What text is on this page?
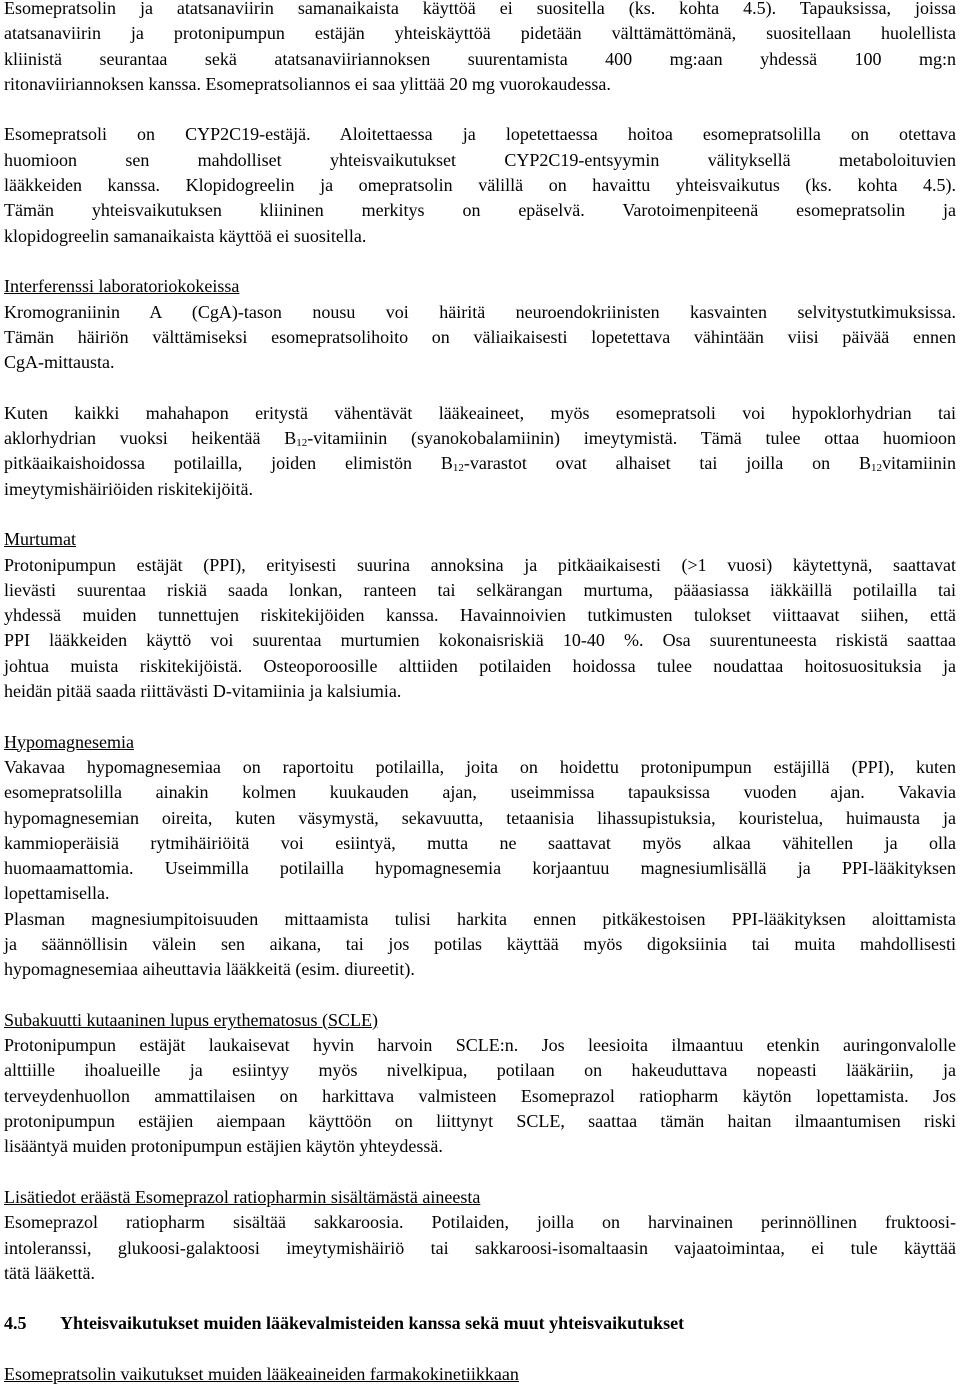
Esomepratsolin ja atatsanaviirin samanaikaista käyttöä ei suositella (ks. kohta 4.5). Tapauksissa, joissa
atatsanaviirin ja protonipumpun estäjän yhteiskäyttöä pidetään välttämättömänä, suositellaan huolellista
kliinistä seurantaa sekä atatsanaviiriannoksen suurentamista 400 mg:aan yhdessä 100 mg:n
ritonaviiriannoksen kanssa. Esomepratsoliannos ei saa ylittää 20 mg vuorokaudessa.
Esomepratsoli on CYP2C19-estäjä. Aloitettaessa ja lopetettaessa hoitoa esomepratsolilla on otettava
huomioon sen mahdolliset yhteisvaikutukset CYP2C19-entsyymin välityksellä metaboloituvien
lääkkeiden kanssa. Klopidogreelin ja omepratsolin välillä on havaittu yhteisvaikutus (ks. kohta 4.5).
Tämän yhteisvaikutuksen kliininen merkitys on epäselvä. Varotoimenpiteenä esomepratsolin ja
klopidogreelin samanaikaista käyttöä ei suositella.
Interferenssi laboratoriokokeissa
Kromograniinin A (CgA)-tason nousu voi häiritä neuroendokriinisten kasvainten selvitystutkimuksissa.
Tämän häiriön välttämiseksi esomepratsolihoito on väliaikaisesti lopetettava vähintään viisi päivää ennen
CgA-mittausta.
Kuten kaikki mahahapon eritystä vähentävät lääkeaineet, myös esomepratsoli voi hypoklorhydrian tai
aklorhydrian vuoksi heikentää $B_{12}$-vitamiinin (syanokobalamiinin) imeytymistä. Tämä tulee ottaa huomioon
pitkäaikaishoidossa potilailla, joiden elimistön $B_{12}$-varastot ovat alhaiset tai joilla on $B_{12}vitamiinin$
imeytymishäiriöiden riskitekijöitä.
Murtumat
Protonipumpun estäjät (PPI), erityisesti suurina annoksina ja pitkäaikaisesti (>1 vuosi) käytettynä, saattavat
lievästi suurentaa riskiä saada lonkan, ranteen tai selkärangan murtuma, pääasiassa iäkkäillä potilailla tai
yhdessä muiden tunnettujen riskitekijöiden kanssa. Havainnoivien tutkimusten tulokset viittaavat siihen, että
PPI lääkkeiden käyttö voi suurentaa murtumien kokonaisriskiä 10-40 %. Osa suurentuneesta riskistä saattaa
johtua muista riskitekijöistä. Osteoporoosille alttiiden potilaiden hoidossa tulee noudattaa hoitosuosituksia ja
heidän pitää saada riittävästi D-vitamiinia ja kalsiumia.
Hypomagnesemia
Vakavaa hypomagnesemiaa on raportoitu potilailla, joita on hoidettu protonipumpun estäjillä (PPI), kuten
esomepratsolilla ainakin kolmen kuukauden ajan, useimmissa tapauksissa vuoden ajan. Vakavia
hypomagnesemian oireita, kuten väsymystä, sekavuutta, tetaanisia lihassupistuksia, kouristelua, huimausta ja
kammioperäisiä rytmihäiriöitä voi esiintyä, mutta ne saattavat myös alkaa vähitellen ja olla
huomaamattomia. Useimmilla potilailla hypomagnesemia korjaantuu magnesiumlisällä ja PPI-lääkityksen
lopettamisella.
Plasman magnesiumpitoisuuden mittaamista tulisi harkita ennen pitkäkestoisen PPI-lääkityksen aloittamista
ja säännöllisin välein sen aikana, tai jos potilas käyttää myös digoksiinia tai muita mahdollisesti
hypomagnesemiaa aiheuttavia lääkkeitä (esim. diureetit).
Subakuutti kutaaninen lupus erythematosus (SCLE)
Protonipumpun estäjät laukaisevat hyvin harvoin SCLE:n. Jos leesioita ilmaantuu etenkin auringonvalolle
alttiille ihoalueille ja esiintyy myös nivelkipua, potilaan on hakeuduttava nopeasti lääkäriin, ja
terveydenhuollon ammattilaisen on harkittava valmisteen Esomeprazol ratiopharm käytön lopettamista. Jos
protonipumpun estäjien aiempaan käyttöön on liittynyt SCLE, saattaa tämän haitan ilmaantumisen riski
lisääntyä muiden protonipumpun estäjien käytön yhteydessä.
Lisätiedot eräästä Esomeprazol ratiopharmin sisältämästä aineesta
Esomeprazol ratiopharm sisältää sakkaroosia. Potilaiden, joilla on harvinainen perinnöllinen fruktoosi-
intoleranssi, glukoosi-galaktoosi imeytymishäiriö tai sakkaroosi-isomaltaasin vajaatoimintaa, ei tule käyttää
tätä lääkettä.
4.5 Yhteisvaikutukset muiden lääkevalmisteiden kanssa sekä muut yhteisvaikutukset
Esomepratsolin vaikutukset muiden lääkeaineiden farmakokinetiikkaan
